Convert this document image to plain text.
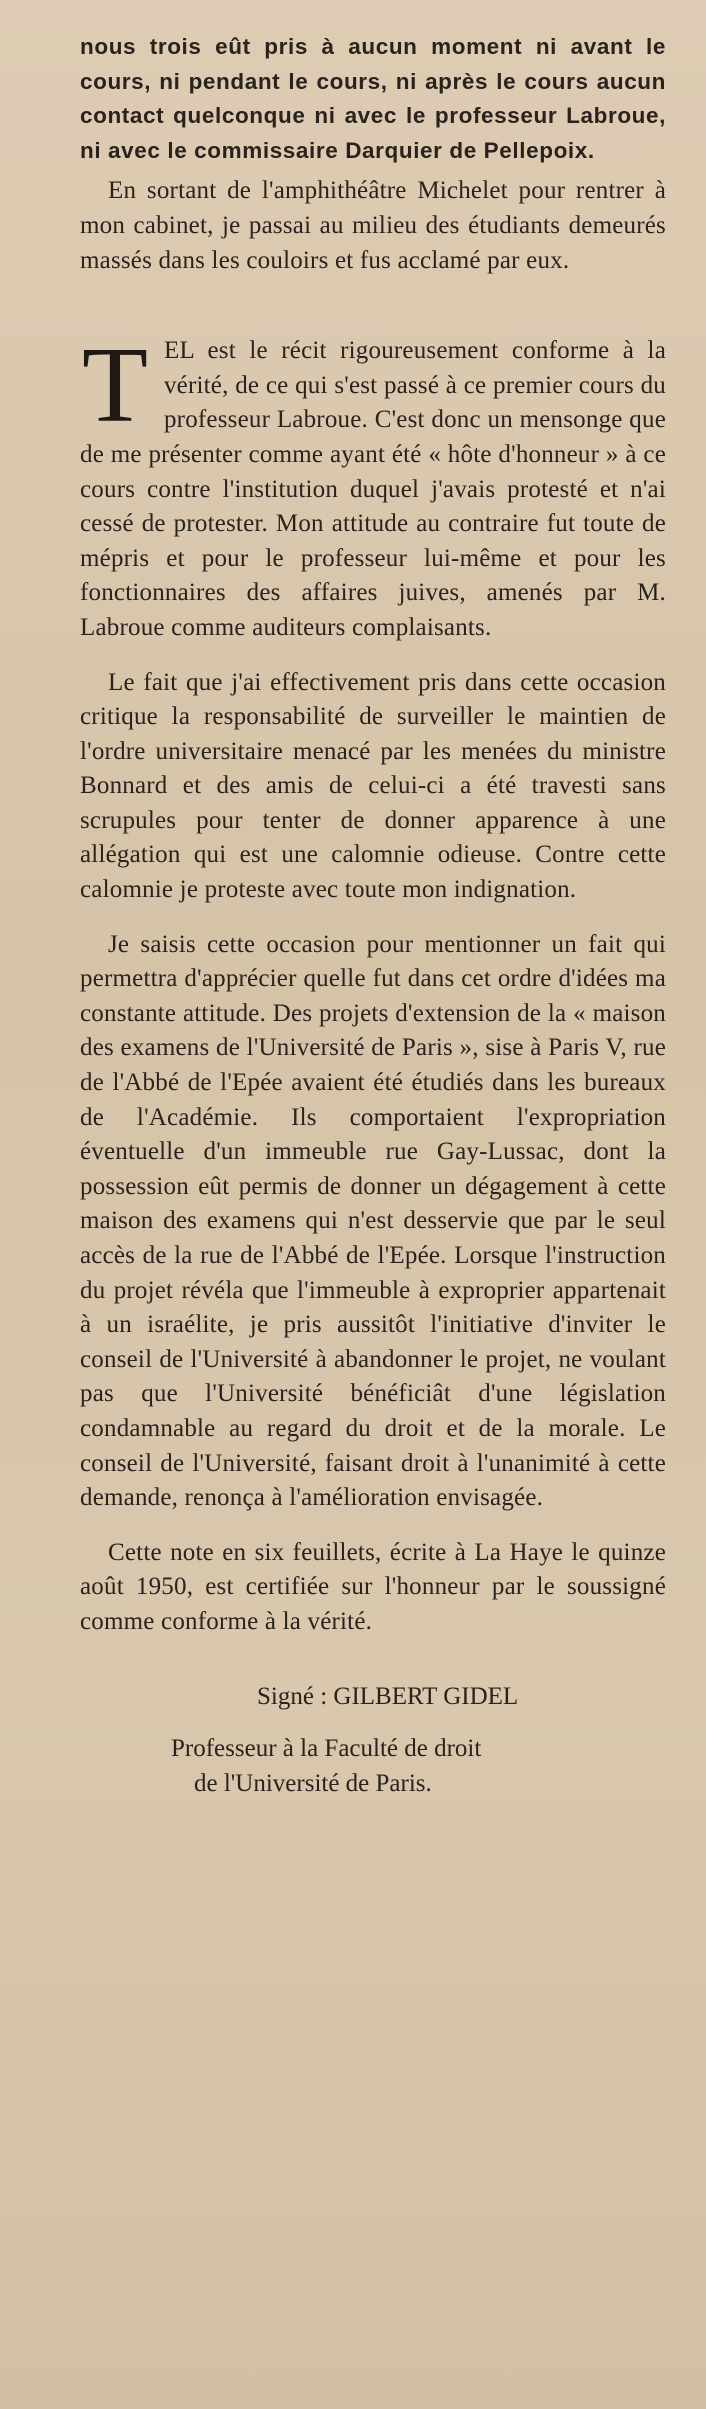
nous trois eût pris à aucun moment ni avant le cours, ni pendant le cours, ni après le cours aucun contact quelconque ni avec le professeur Labroue, ni avec le commissaire Darquier de Pellepoix.

En sortant de l'amphithéâtre Michelet pour rentrer à mon cabinet, je passai au milieu des étudiants demeurés massés dans les couloirs et fus acclamé par eux.

T EL est le récit rigoureusement conforme à la vérité, de ce qui s'est passé à ce premier cours du professeur Labroue. C'est donc un mensonge que de me présenter comme ayant été « hôte d'honneur » à ce cours contre l'institution duquel j'avais protesté et n'ai cessé de protester. Mon attitude au contraire fut toute de mépris et pour le professeur lui-même et pour les fonctionnaires des affaires juives, amenés par M. Labroue comme auditeurs complaisants.

Le fait que j'ai effectivement pris dans cette occasion critique la responsabilité de surveiller le maintien de l'ordre universitaire menacé par les menées du ministre Bonnard et des amis de celui-ci a été travesti sans scrupules pour tenter de donner apparence à une allégation qui est une calomnie odieuse. Contre cette calomnie je proteste avec toute mon indignation.

Je saisis cette occasion pour mentionner un fait qui permettra d'apprécier quelle fut dans cet ordre d'idées ma constante attitude. Des projets d'extension de la « maison des examens de l'Université de Paris », sise à Paris V, rue de l'Abbé de l'Epée avaient été étudiés dans les bureaux de l'Académie. Ils comportaient l'expropriation éventuelle d'un immeuble rue Gay-Lussac, dont la possession eût permis de donner un dégagement à cette maison des examens qui n'est desservie que par le seul accès de la rue de l'Abbé de l'Epée. Lorsque l'instruction du projet révéla que l'immeuble à exproprier appartenait à un israélite, je pris aussitôt l'initiative d'inviter le conseil de l'Université à abandonner le projet, ne voulant pas que l'Université bénéficiât d'une législation condamnable au regard du droit et de la morale. Le conseil de l'Université, faisant droit à l'unanimité à cette demande, renonça à l'amélioration envisagée.

Cette note en six feuillets, écrite à La Haye le quinze août 1950, est certifiée sur l'honneur par le soussigné comme conforme à la vérité.

Signé : GILBERT GIDEL
Professeur à la Faculté de droit
de l'Université de Paris.
